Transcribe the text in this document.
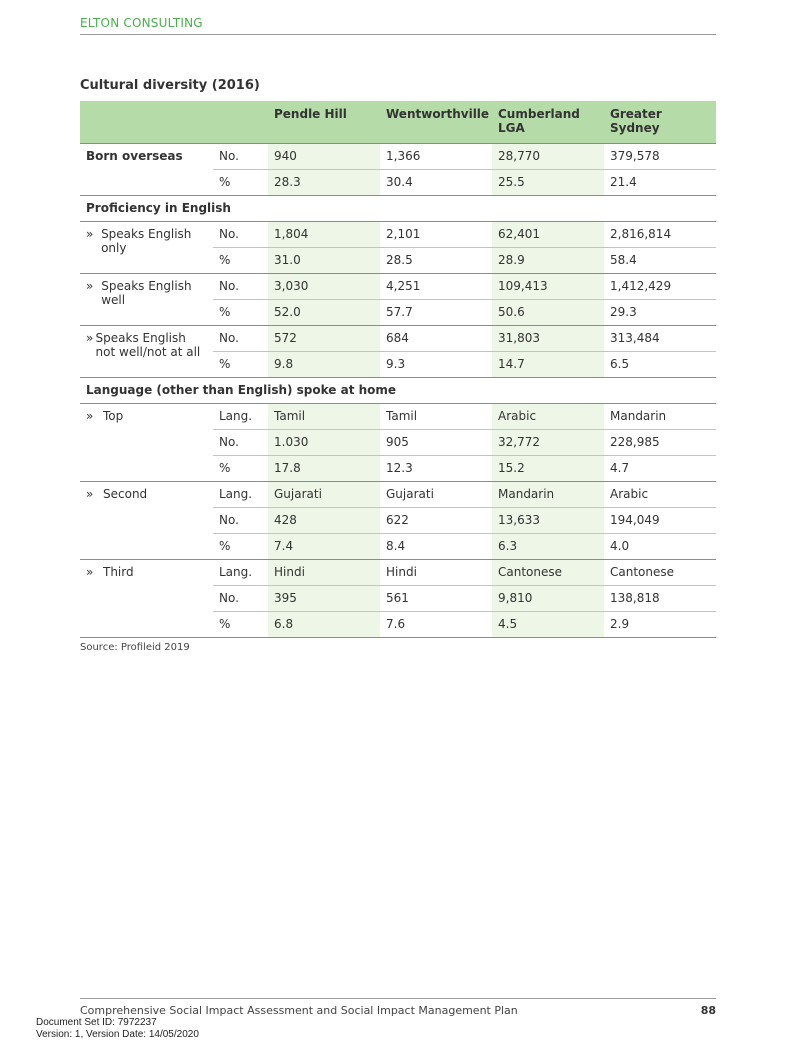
ELTON CONSULTING
Cultural diversity (2016)
		Pendle Hill	Wentworthville	Cumberland LGA	Greater Sydney
Born overseas	No.	940	1,366	28,770	379,578
	%	28.3	30.4	25.5	21.4
Proficiency in English					

» Speaks English only	No.	1,804	2,101	62,401	2,816,814
	%	31.0	28.5	28.9	58.4

» Speaks English well	No.	3,030	4,251	109,413	1,412,429
	%	52.0	57.7	50.6	29.3

» Speaks English not well/not at all	No.	572	684	31,803	313,484
	%	9.8	9.3	14.7	6.5
Language (other than English) spoke at home					

» Top	Lang.	Tamil	Tamil	Arabic	Mandarin
	No.	1.030	905	32,772	228,985
	%	17.8	12.3	15.2	4.7

» Second	Lang.	Gujarati	Gujarati	Mandarin	Arabic
	No.	428	622	13,633	194,049
	%	7.4	8.4	6.3	4.0

» Third	Lang.	Hindi	Hindi	Cantonese	Cantonese
	No.	395	561	9,810	138,818
	%	6.8	7.6	4.5	2.9
Source: Profileid 2019
Comprehensive Social Impact Assessment and Social Impact Management Plan	88
Document Set ID: 7972237
Version: 1, Version Date: 14/05/2020
